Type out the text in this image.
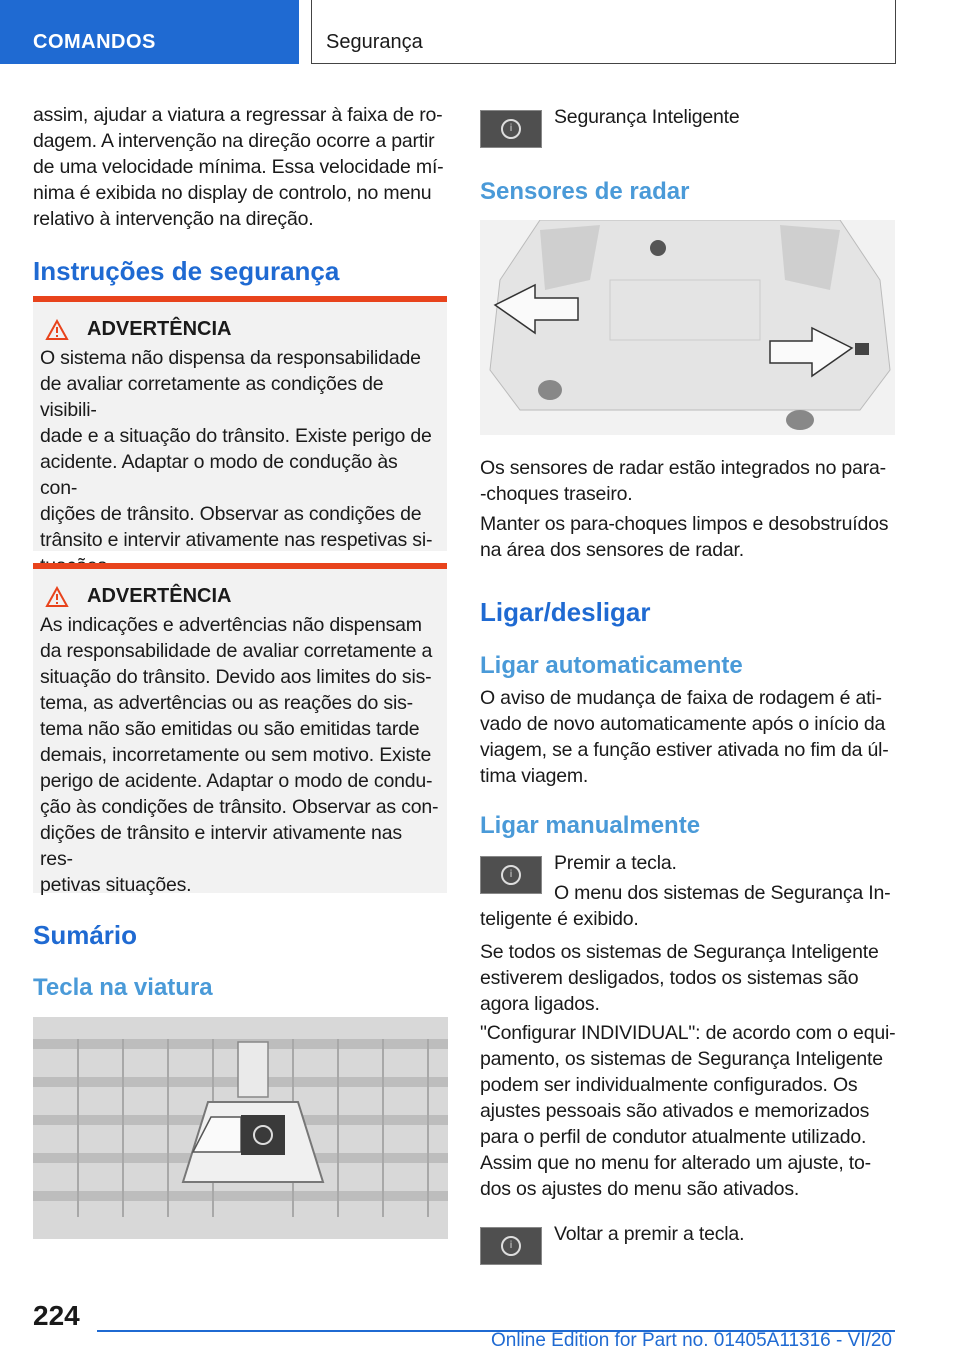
COMANDOS	Segurança

assim, ajudar a viatura a regressar à faixa de ro-
dagem. A intervenção na direção ocorre a partir
de uma velocidade mínima. Essa velocidade mí-
nima é exibida no display de controlo, no menu
relativo à intervenção na direção.

Instruções de segurança
ADVERTÊNCIA

O sistema não dispensa da responsabilidade
de avaliar corretamente as condições de visibili-
dade e a situação do trânsito. Existe perigo de
acidente. Adaptar o modo de condução às con-
dições de trânsito. Observar as condições de
trânsito e intervir ativamente nas respetivas si-

ADVERTÊNCIA

As indicações e advertências não dispensam
da responsabilidade de avaliar corretamente a
situação do trânsito. Devido aos limites do sis-
tema, as advertências ou as reações do sis-
tema não são emitidas ou são emitidas tarde
demais, incorretamente ou sem motivo. Existe
perigo de acidente. Adaptar o modo de condu-
ção às condições de trânsito. Observar as con-
dições de trânsito e intervir ativamente nas res-
petivas situações.

Sumário
Tecla na viatura
i

Segurança Inteligente

Sensores de radar

Os sensores de radar estão integrados no para-
-choques traseiro.

Manter os para-choques limpos e desobstruídos
na área dos sensores de radar.

Ligar/desligar
Ligar automaticamente

O aviso de mudança de faixa de rodagem é ati-
vado de novo automaticamente após o início da
viagem, se a função estiver ativada no fim da úl-
tima viagem.

Ligar manualmente
i

Premir a tecla.

O menu dos sistemas de Segurança In-
teligente é exibido.

Se todos os sistemas de Segurança Inteligente
estiverem desligados, todos os sistemas são
agora ligados.

"Configurar INDIVIDUAL": de acordo com o equi-
pamento, os sistemas de Segurança Inteligente
podem ser individualmente configurados. Os
ajustes pessoais são ativados e memorizados
para o perfil de condutor atualmente utilizado.
Assim que no menu for alterado um ajuste, to-
dos os ajustes do menu são ativados.

i

Voltar a premir a tecla.

224
Online Edition for Part no. 01405A11316 - VI/20
